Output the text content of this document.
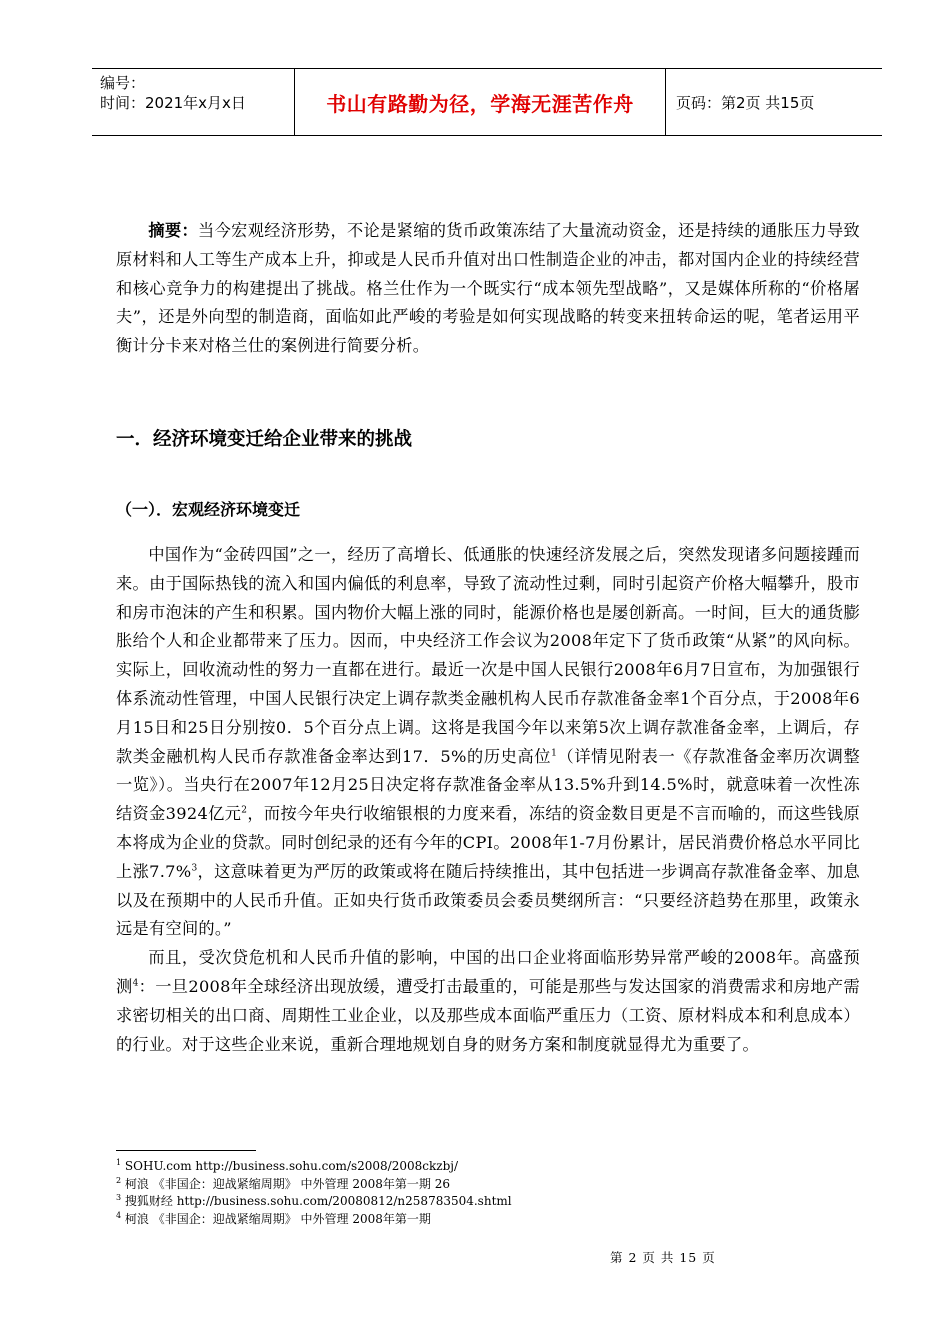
编号：
时间：2021年x月x日	书山有路勤为径，学海无涯苦作舟	页码：第2页 共15页

摘要：当今宏观经济形势，不论是紧缩的货币政策冻结了大量流动资金，还是持续的通胀压力导致原材料和人工等生产成本上升，抑或是人民币升值对出口性制造企业的冲击，都对国内企业的持续经营和核心竞争力的构建提出了挑战。格兰仕作为一个既实行“成本领先型战略”，又是媒体所称的“价格屠夫”，还是外向型的制造商，面临如此严峻的考验是如何实现战略的转变来扭转命运的呢，笔者运用平衡计分卡来对格兰仕的案例进行简要分析。

一．经济环境变迁给企业带来的挑战
（一）．宏观经济环境变迁

中国作为“金砖四国”之一，经历了高增长、低通胀的快速经济发展之后，突然发现诸多问题接踵而来。由于国际热钱的流入和国内偏低的利息率，导致了流动性过剩，同时引起资产价格大幅攀升，股市和房市泡沫的产生和积累。国内物价大幅上涨的同时，能源价格也是屡创新高。一时间，巨大的通货膨胀给个人和企业都带来了压力。因而，中央经济工作会议为2008年定下了货币政策“从紧”的风向标。实际上，回收流动性的努力一直都在进行。最近一次是中国人民银行2008年6月7日宣布，为加强银行体系流动性管理，中国人民银行决定上调存款类金融机构人民币存款准备金率1个百分点，于2008年6月15日和25日分别按0．5个百分点上调。这将是我国今年以来第5次上调存款准备金率，上调后，存款类金融机构人民币存款准备金率达到17．5%的历史高位$^1$（详情见附表一《存款准备金率历次调整一览》）。当央行在2007年12月25日决定将存款准备金率从13.5%升到14.5%时，就意味着一次性冻结资金3924亿元$^2$，而按今年央行收缩银根的力度来看，冻结的资金数目更是不言而喻的，而这些钱原本将成为企业的贷款。同时创纪录的还有今年的CPI。2008年1-7月份累计，居民消费价格总水平同比上涨7.7%$^3$，这意味着更为严厉的政策或将在随后持续推出，其中包括进一步调高存款准备金率、加息以及在预期中的人民币升值。正如央行货币政策委员会委员樊纲所言：“只要经济趋势在那里，政策永远是有空间的。”

而且，受次贷危机和人民币升值的影响，中国的出口企业将面临形势异常严峻的2008年。高盛预测$^4$：一旦2008年全球经济出现放缓，遭受打击最重的，可能是那些与发达国家的消费需求和房地产需求密切相关的出口商、周期性工业企业，以及那些成本面临严重压力（工资、原材料成本和利息成本）的行业。对于这些企业来说，重新合理地规划自身的财务方案和制度就显得尤为重要了。

$^1$ SOHU.com http://business.sohu.com/s2008/2008ckzbj/

$^2$ 柯浪 《非国企：迎战紧缩周期》 中外管理 2008年第一期 26

$^3$ 搜狐财经 http://business.sohu.com/20080812/n258783504.shtml

$^4$ 柯浪 《非国企：迎战紧缩周期》 中外管理 2008年第一期

第 2 页 共 15 页
